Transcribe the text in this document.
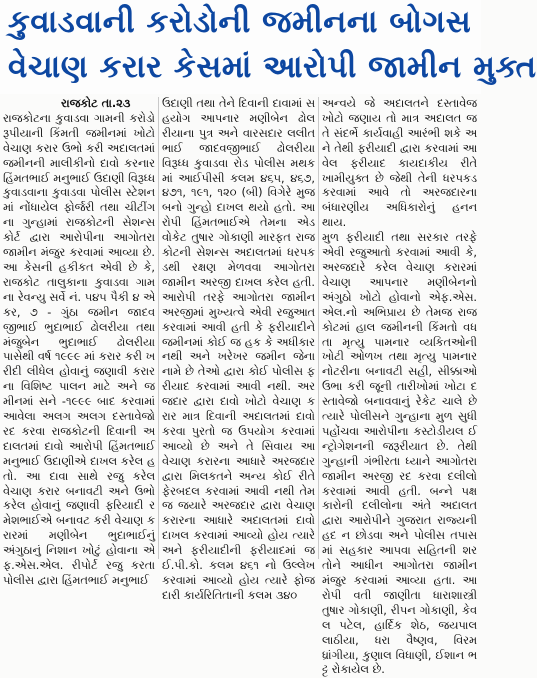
કુવાડવાની કરોડોની જમીનના બોગસ
વેચાણ કરાર કેસમાં આરોપી જામીન મુક્ત
રાજકોટ તા.૨૩

રાજકોટના કુવાડવા ગામની કરોડો રૂપીયાની કિંમતી જમીનમાં ખોટો વેચાણ કરાર ઉભો કરી અદાલતમાં જમીનની માલીકીનો દાવો કરનાર હિંમતભાઈ મનુભાઈ ઉદાણી વિરૂધ્ધ કુવાડવાના કુવાડવા પોલીસ સ્ટેશનમાં નોંધાયેલ ફોર્જરી તથા ચીટીંગના ગુન્હામાં રાજકોટની સેશન્સ કોર્ટ દ્વારા આરોપીના આગોતરા જામીન મંજુર કરવામાં આવ્યા છે. આ કેસની હકીકત એવી છે કે, રાજકોટ તાલુકાના કુવાડવા ગામના રેવન્યુ સર્વે નં. ૫૪૫ પૈકી ૪ એકર, ૭ - ગુંઠા જમીન જાદવજીભાઈ ભુદાભાઈ ઢોલરીયા તથા મંજુબેન ભુદાભાઈ ઢોલરીયા પાસેથી વર્ષ ૧૯૯૯ માં કરાર કરી ખરીદી લીધેલ હોવાનું જણાવી કરારના વિશિષ્ટ પાલન માટે અને જમીનમાં સને -૧૯૯૯ બાદ કરવામાં આવેલા અલગ અલગ દસ્તાવેજો રદ કરવા રાજકોટની દિવાની અદાલતમાં દાવો આરોપી હિંમતભાઈ મનુભાઈ ઉદાણીએ દાખલ કરેલ હતો. આ દાવા સાથે રજુ કરેલ વેચાણ કરાર બનાવટી અને ઉભો કરેલ હોવાનું જણાવી ફરિયાદી રમેશભાઈએ બનાવટ કરી વેચાણ કરારમાં મણીબેન ભુદાભાઈનું અંગુઠાનું નિશાન ખોટું હોવાના એફ.એસ.એલ. રીપોર્ટ રજુ કરતા પોલીસ દ્વારા હિંમતભાઈ મનુભાઈ

ઉદાણી તથા તેને દિવાની દાવામાં સહયોગ આપનાર મણીબેન ઢોલરીયાના પુત્ર અને વારસદાર લલીતભાઈ જાદવજીભાઈ ઢોલરીયા વિરૂધ્ધ કુવાડવા રોડ પોલીસ મથકમાં આઈપીસી કલમ ૪૬૫, ૪૬૭, ૪૭૧, ૧૯૧, ૧૨૦ (બી) વિગેરે મુજબનો ગુન્હો દાખલ થયો હતો. આરોપી હિંમતભાઈએ તેમના એડવોકેટ તુષાર ગોકાણી મારફત રાજકોટની સેશન્સ અદાલતમાં ધરપકડથી રક્ષણ મેળવવા આગોતરા જામીન અરજી દાખલ કરેલ હતી. આરોપી તરફે આગોતરા જામીન અરજીમાં મુખ્યત્વે એવી રજુઆત કરવામાં આવી હતી કે ફરીયાદીને જમીનમાં કોઈ જ હક કે અધીકાર નથી અને ખરેખર જમીન જેના નામે છે તેઓ દ્વારા કોઈ પોલીસ ફરીયાદ કરવામાં આવી નથી. અરજદાર દ્વારા દાવો ખોટો વેચાણ કરાર માત્ર દિવાની અદાલતમાં દાવો કરવા પુરતો જ ઉપયોગ કરવામાં આવ્યો છે અને તે સિવાય આ વેચાણ કરારના આધારે અરજદાર દ્વારા મિલકતને અન્ય કોઈ રીતે ફેરબદલ કરવામાં આવી નથી તેમજ જયારે અરજદાર દ્વારા વેચાણ કરારના આધારે અદાલતમાં દાવો દાખલ કરવામાં આવ્યો હોય ત્યારે અને ફરીયાદીની ફરીયાદમાં જ ઈ.પી.કો. કલમ ૪૬૧ નો ઉલ્લેખ કરવામાં આવ્યો હોય ત્યારે ફોજદારી કાર્યરિતિતાની કલમ ૩૪૦

અન્વયે જે અદાલતને દસ્તાવેજ ખોટો જણાય તો માત્ર અદાલત જ તે સંદર્ભે કાર્યવાહી આરંભી શકે અને તેથી ફરીયાદી દ્વારા કરવામાં આવેલ ફરીયાદ કાયદાકીય રીતે ખામીયુક્ત છે જેથી તેની ધરપકડ કરવામાં આવે તો અરજદારના બંધારણીય અધિકારોનું હનન થાય.

મુળ ફરીયાદી તથા સરકાર તરફે એવી રજુઆતો કરવામાં આવી કે, અરજદારે કરેલ વેચાણ કરારમાં વેચાણ આપનાર મણીબેનનો અંગુઠો ખોટો હોવાનો એફ.એસ. એલ.નો અભિપ્રાય છે તેમજ રાજકોટમાં હાલ જમીનની કિંમતો વધતા મૃત્યુ પામનાર વ્યકિતઓની ખોટી ઓળખ તથા મૃત્યુ પામનાર નોટરીના બનાવટી સહી, સીક્કાઓ ઉભા કરી જૂની તારીખોમાં ખોટા દસ્તાવેજો બનાવવાનું રેકેટ ચાલે છે ત્યારે પોલીસને ગુન્હાના મુળ સુધી પહોંચવા આરોપીના કસ્ટોડીયલ ઈન્ટ્રોગેશનની જરૂરીયાત છે. તેથી ગુન્હાની ગંભીરતા ધ્યાને આગોતરા જામીન અરજી રદ કરવા દલીલો કરવામાં આવી હતી. બન્ને પક્ષકારોની દલીલોના અંતે અદાલત દ્વારા આરોપીને ગુજરાત રાજ્યની હદ ન છોડવા અને પોલીસ તપાસમાં સહકાર આપવા સહિતની શરતોને આધીન આગોતરા જામીન મંજુર કરવામાં આવ્યા હતા. આરોપી વતી જાણીતા ધારાશાસ્ત્રી તુષાર ગોકાણી, રીપન ગોકાણી, કેવલ પટેલ, હાર્દિક શેઠ, જયપાલ લાઠીયા, ધરા વૈષ્ણવ, વિરમ ધ્રાંગીયા, કુણાલ વિધાણી, ઈશાન ભટ્ટ રોકાયેલ છે.
